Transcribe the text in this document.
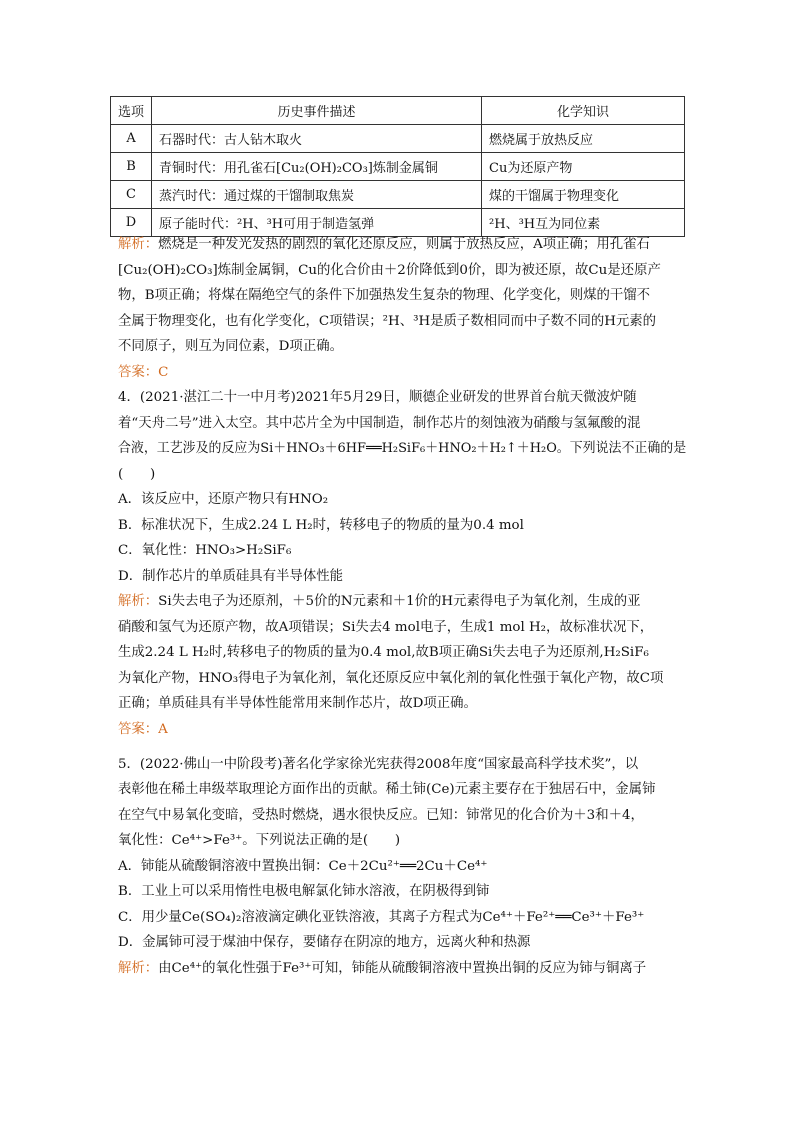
选项	历史事件描述	化学知识
A	石器时代：古人钻木取火	燃烧属于放热反应
B	青铜时代：用孔雀石[Cu₂(OH)₂CO₃]炼制金属铜	Cu为还原产物
C	蒸汽时代：通过煤的干馏制取焦炭	煤的干馏属于物理变化
D	原子能时代：²H、³H可用于制造氢弹	²H、³H互为同位素
解析：燃烧是一种发光发热的剧烈的氧化还原反应，则属于放热反应，A项正确；用孔雀石
[Cu₂(OH)₂CO₃]炼制金属铜，Cu的化合价由＋2价降低到0价，即为被还原，故Cu是还原产
物，B项正确；将煤在隔绝空气的条件下加强热发生复杂的物理、化学变化，则煤的干馏不
全属于物理变化，也有化学变化，C项错误；²H、³H是质子数相同而中子数不同的H元素的
不同原子，则互为同位素，D项正确。
答案：C
4．(2021·湛江二十一中月考)2021年5月29日，顺德企业研发的世界首台航天微波炉随
着“天舟二号”进入太空。其中芯片全为中国制造，制作芯片的刻蚀液为硝酸与氢氟酸的混
合液，工艺涉及的反应为Si＋HNO₃＋6HF══H₂SiF₆＋HNO₂＋H₂↑＋H₂O。下列说法不正确的是
(　　)
A．该反应中，还原产物只有HNO₂
B．标准状况下，生成2.24 L H₂时，转移电子的物质的量为0.4 mol
C．氧化性：HNO₃>H₂SiF₆
D．制作芯片的单质硅具有半导体性能
解析：Si失去电子为还原剂，＋5价的N元素和＋1价的H元素得电子为氧化剂，生成的亚
硝酸和氢气为还原产物，故A项错误；Si失去4 mol电子，生成1 mol H₂，故标准状况下，
生成2.24 L H₂时,转移电子的物质的量为0.4 mol,故B项正确Si失去电子为还原剂,H₂SiF₆
为氧化产物，HNO₃得电子为氧化剂，氧化还原反应中氧化剂的氧化性强于氧化产物，故C项
正确；单质硅具有半导体性能常用来制作芯片，故D项正确。
答案：A
5．(2022·佛山一中阶段考)著名化学家徐光宪获得2008年度“国家最高科学技术奖”，以
表彰他在稀土串级萃取理论方面作出的贡献。稀土铈(Ce)元素主要存在于独居石中，金属铈
在空气中易氧化变暗，受热时燃烧，遇水很快反应。已知：铈常见的化合价为＋3和＋4，
氧化性：Ce⁴⁺>Fe³⁺。下列说法正确的是(　　)
A．铈能从硫酸铜溶液中置换出铜：Ce＋2Cu²⁺══2Cu＋Ce⁴⁺
B．工业上可以采用惰性电极电解氯化铈水溶液，在阴极得到铈
C．用少量Ce(SO₄)₂溶液滴定碘化亚铁溶液，其离子方程式为Ce⁴⁺＋Fe²⁺══Ce³⁺＋Fe³⁺
D．金属铈可浸于煤油中保存，要储存在阴凉的地方，远离火种和热源
解析：由Ce⁴⁺的氧化性强于Fe³⁺可知，铈能从硫酸铜溶液中置换出铜的反应为铈与铜离子
